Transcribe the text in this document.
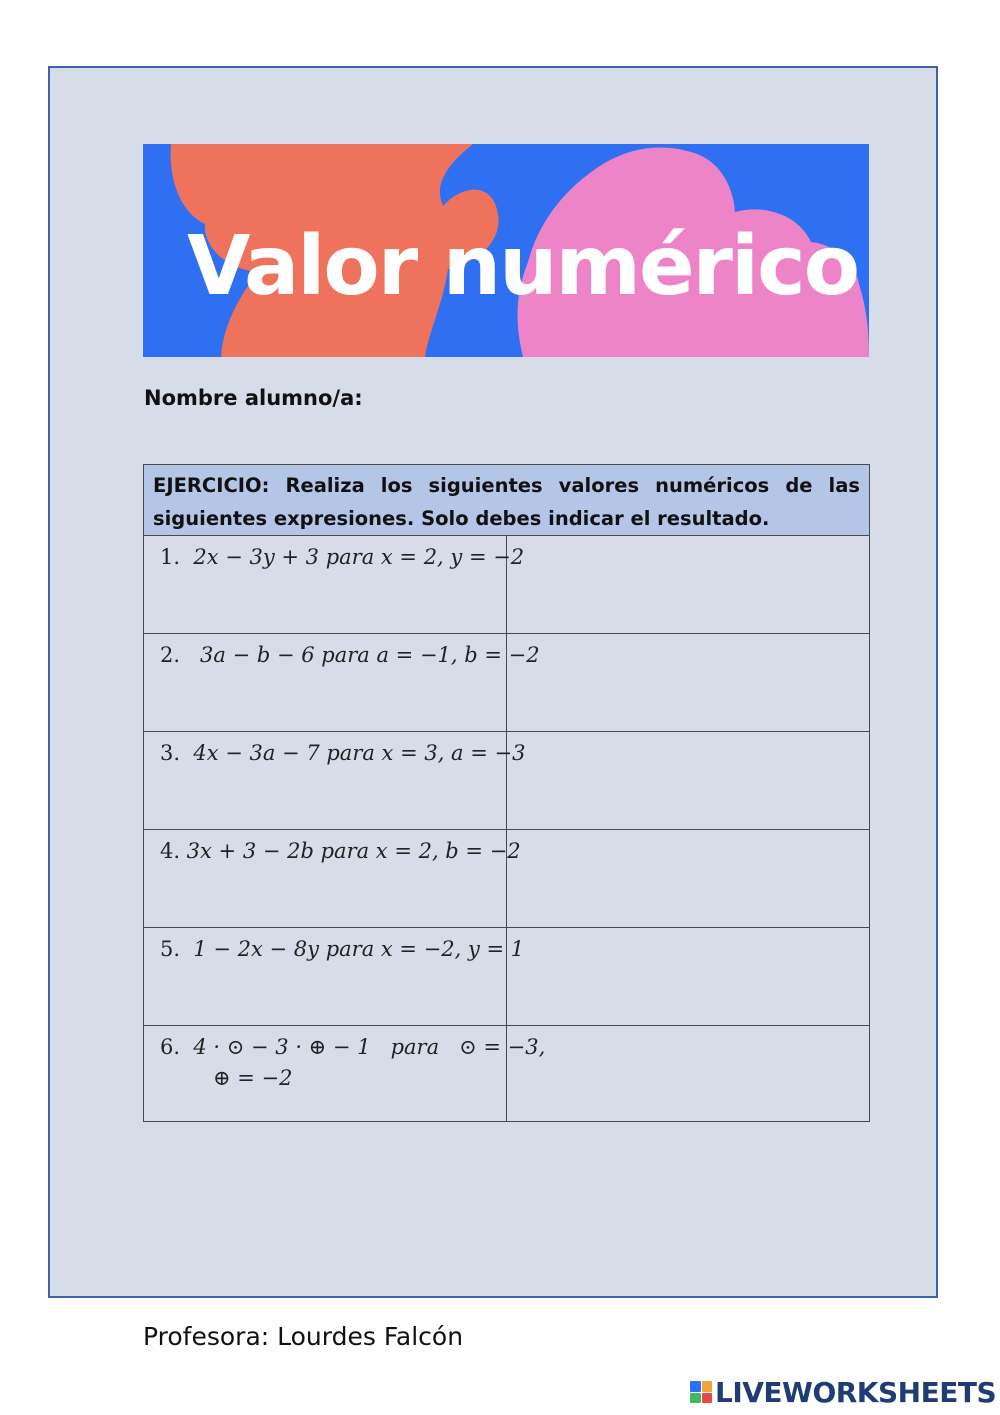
Valor numérico
Nombre alumno/a:
EJERCICIO: Realiza los siguientes valores numéricos de las siguientes expresiones. Solo debes indicar el resultado.	

1.  2x − 3y + 3 para x = 2, y = −2	

2.   3a − b − 6 para a = −1, b = −2	

3.  4x − 3a − 7 para x = 3, a = −3	

4. 3x + 3 − 2b para x = 2, b = −2	

5.  1 − 2x − 8y para x = −2, y = 1	

6.  4 · ⊙ − 3 · ⊕ − 1   para   ⊙ = −3,
⊕ = −2	

Profesora: Lourdes Falcón
LIVEWORKSHEETS
